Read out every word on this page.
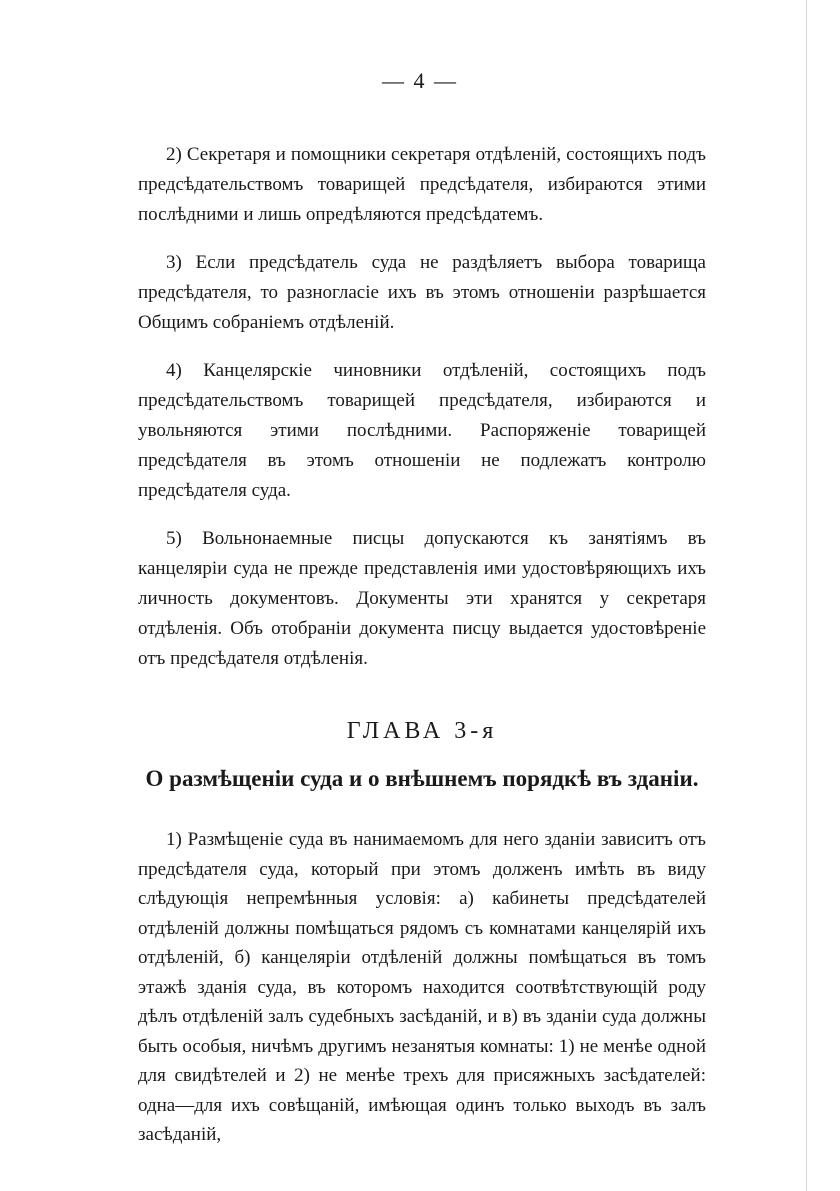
— 4 —

2) Секретаря и помощники секретаря отдѣленій, состоящихъ подъ предсѣдательствомъ товарищей предсѣдателя, избираются этими послѣдними и лишь опредѣляются предсѣдатемъ.

3) Если предсѣдатель суда не раздѣляетъ выбора товарища предсѣдателя, то разногласіе ихъ въ этомъ отношеніи разрѣшается Общимъ собраніемъ отдѣленій.

4) Канцелярскіе чиновники отдѣленій, состоящихъ подъ предсѣдательствомъ товарищей предсѣдателя, избираются и увольняются этими послѣдними. Распоряженіе товарищей предсѣдателя въ этомъ отношеніи не подлежатъ контролю предсѣдателя суда.

5) Вольнонаемные писцы допускаются къ занятіямъ въ канцеляріи суда не прежде представленія ими удостовѣряющихъ ихъ личность документовъ. Документы эти хранятся у секретаря отдѣленія. Объ отобраніи документа писцу выдается удостовѣреніе отъ предсѣдателя отдѣленія.

ГЛАВА 3-я
О размѣщеніи суда и о внѣшнемъ порядкѣ въ зданіи.

1) Размѣщеніе суда въ нанимаемомъ для него зданіи зависитъ отъ предсѣдателя суда, который при этомъ долженъ имѣть въ виду слѣдующія непремѣнныя условія: а) кабинеты предсѣдателей отдѣленій должны помѣщаться рядомъ съ комнатами канцелярій ихъ отдѣленій, б) канцеляріи отдѣленій должны помѣщаться въ томъ этажѣ зданія суда, въ которомъ находится соотвѣтствующій роду дѣлъ отдѣленій залъ судебныхъ засѣданій, и в) въ зданіи суда должны быть особыя, ничѣмъ другимъ незанятыя комнаты: 1) не менѣе одной для свидѣтелей и 2) не менѣе трехъ для присяжныхъ засѣдателей: одна—для ихъ совѣщаній, имѣющая одинъ только выходъ въ залъ засѣданій,
